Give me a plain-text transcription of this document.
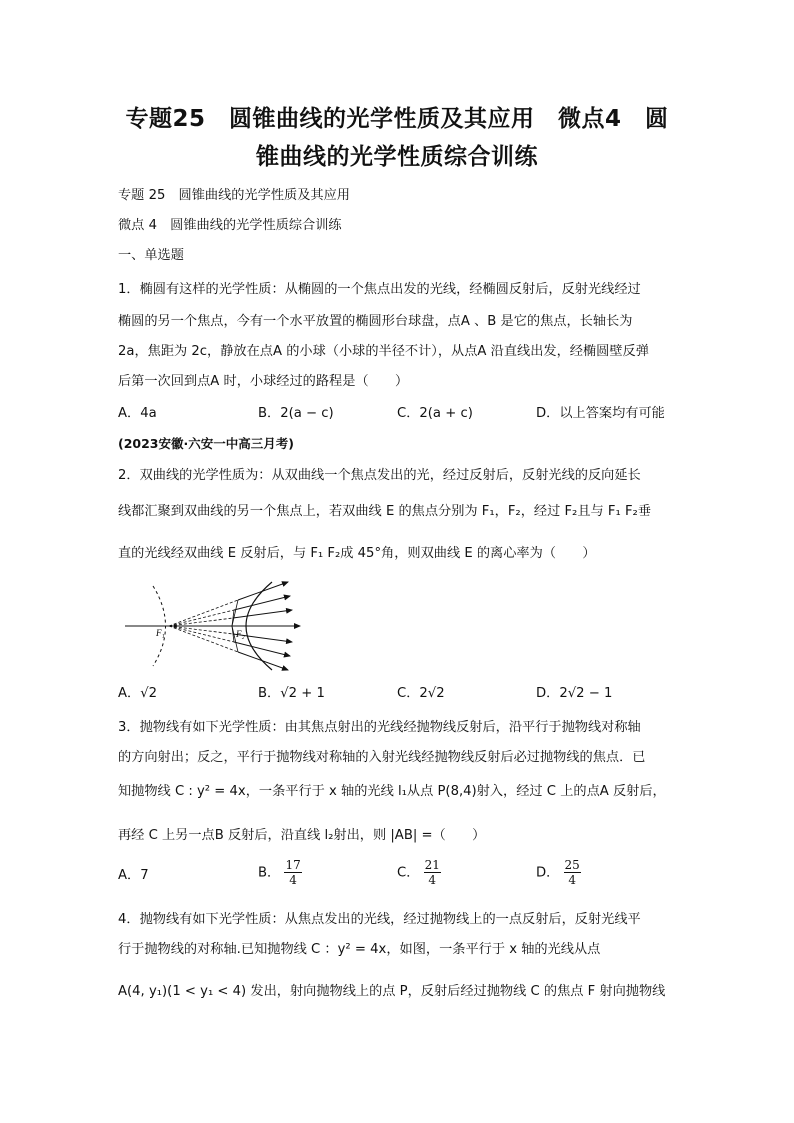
专题25　圆锥曲线的光学性质及其应用　微点4　圆
锥曲线的光学性质综合训练
专题 25　圆锥曲线的光学性质及其应用
微点 4　圆锥曲线的光学性质综合训练
一、单选题
1．椭圆有这样的光学性质：从椭圆的一个焦点出发的光线，经椭圆反射后，反射光线经过
椭圆的另一个焦点，今有一个水平放置的椭圆形台球盘，点A 、B 是它的焦点，长轴长为
2a，焦距为 2c，静放在点A 的小球（小球的半径不计），从点A 沿直线出发，经椭圆壁反弹
后第一次回到点A 时，小球经过的路程是（　　）
A．4a	B．2(a − c)	C．2(a + c)	D．以上答案均有可能
(2023安徽·六安一中高三月考)
2．双曲线的光学性质为：从双曲线一个焦点发出的光，经过反射后，反射光线的反向延长
线都汇聚到双曲线的另一个焦点上，若双曲线 E 的焦点分别为 F₁，F₂，经过 F₂且与 F₁ F₂垂
直的光线经双曲线 E 反射后，与 F₁ F₂成 45°角，则双曲线 E 的离心率为（　　）
F₁	F₂
A．√2	B．√2 + 1	C．2√2	D．2√2 − 1
3．抛物线有如下光学性质：由其焦点射出的光线经抛物线反射后，沿平行于抛物线对称轴
的方向射出；反之，平行于抛物线对称轴的入射光线经抛物线反射后必过抛物线的焦点．已
知抛物线 C : y² = 4x，一条平行于 x 轴的光线 l₁从点 P(8,4)射入，经过 C 上的点A 反射后，
再经 C 上另一点B 反射后，沿直线 l₂射出，则 |AB| =（　　）
A．7	B． $\frac{17}{4}$	C． $\frac{21}{4}$	D． $\frac{25}{4}$
4．抛物线有如下光学性质：从焦点发出的光线，经过抛物线上的一点反射后，反射光线平
行于抛物线的对称轴.已知抛物线 C ：y² = 4x，如图，一条平行于 x 轴的光线从点
A(4, y₁)(1 < y₁ < 4) 发出，射向抛物线上的点 P，反射后经过抛物线 C 的焦点 F 射向抛物线
